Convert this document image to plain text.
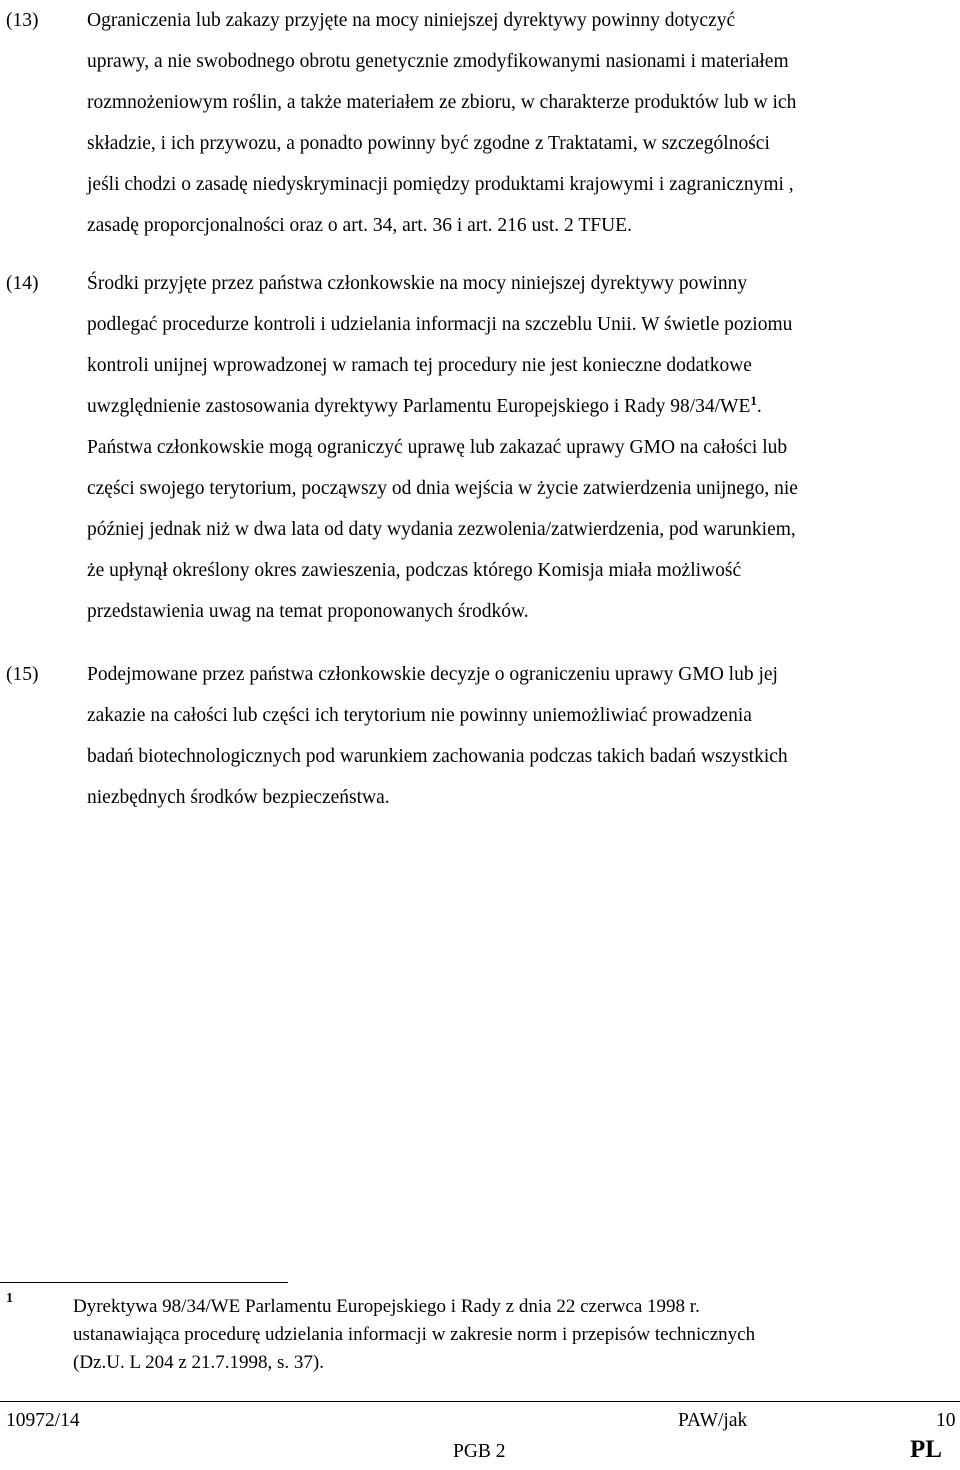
(13) Ograniczenia lub zakazy przyjęte na mocy niniejszej dyrektywy powinny dotyczyć
uprawy, a nie swobodnego obrotu genetycznie zmodyfikowanymi nasionami i materiałem
rozmnożeniowym roślin, a także materiałem ze zbioru, w charakterze produktów lub w ich
składzie, i ich przywozu, a ponadto powinny być zgodne z Traktatami, w szczególności
jeśli chodzi o zasadę niedyskryminacji pomiędzy produktami krajowymi i zagranicznymi ,
zasadę proporcjonalności oraz o art. 34, art. 36 i art. 216 ust. 2 TFUE.

(14) Środki przyjęte przez państwa członkowskie na mocy niniejszej dyrektywy powinny
podlegać procedurze kontroli i udzielania informacji na szczeblu Unii. W świetle poziomu
kontroli unijnej wprowadzonej w ramach tej procedury nie jest konieczne dodatkowe
uwzględnienie zastosowania dyrektywy Parlamentu Europejskiego i Rady $98/34/WE^1$.
Państwa członkowskie mogą ograniczyć uprawę lub zakazać uprawy GMO na całości lub
części swojego terytorium, począwszy od dnia wejścia w życie zatwierdzenia unijnego, nie
później jednak niż w dwa lata od daty wydania zezwolenia/zatwierdzenia, pod warunkiem,
że upłynął określony okres zawieszenia, podczas którego Komisja miała możliwość
przedstawienia uwag na temat proponowanych środków.

(15) Podejmowane przez państwa członkowskie decyzje o ograniczeniu uprawy GMO lub jej
zakazie na całości lub części ich terytorium nie powinny uniemożliwiać prowadzenia
badań biotechnologicznych pod warunkiem zachowania podczas takich badań wszystkich
niezbędnych środków bezpieczeństwa.

1	Dyrektywa 98/34/WE Parlamentu Europejskiego i Rady z dnia 22 czerwca 1998 r.
ustanawiająca procedurę udzielania informacji w zakresie norm i przepisów technicznych
(Dz.U. L 204 z 21.7.1998, s. 37).

10972/14	PAW/jak	10
PGB 2	PL
